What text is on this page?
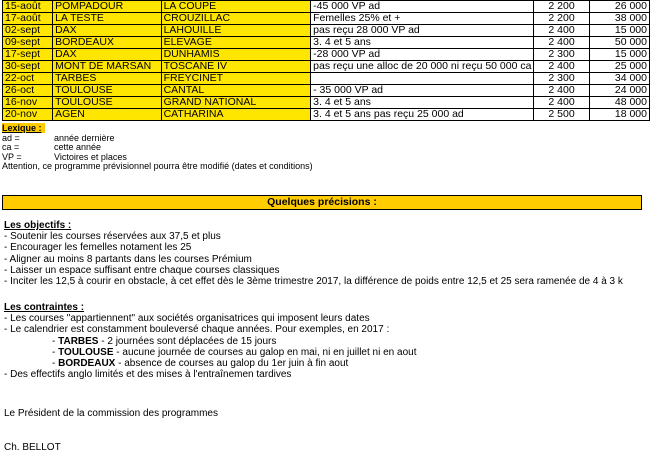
15-août	POMPADOUR	LA COUPE	-45 000 VP ad	2 200	26 000
17-août	LA TESTE	CROUZILLAC	Femelles 25% et +	2 200	38 000
02-sept	DAX	LAHOUILLE	pas reçu 28 000 VP ad	2 400	15 000
09-sept	BORDEAUX	ELEVAGE	3. 4 et 5 ans	2 400	50 000
17-sept	DAX	DUNHAMIS	-28 000 VP ad	2 300	15 000
30-sept	MONT DE MARSAN	TOSCANE IV	pas reçu une alloc de 20 000 ni reçu 50 000 ca	2 400	25 000
22-oct	TARBES	FREYCINET		2 300	34 000
26-oct	TOULOUSE	CANTAL	- 35 000 VP ad	2 400	24 000
16-nov	TOULOUSE	GRAND NATIONAL	3. 4 et 5 ans	2 400	48 000
20-nov	AGEN	CATHARINA	3. 4 et 5 ans pas reçu 25 000 ad	2 500	18 000
Lexique :
ad =	année dernière
ca =	cette année
VP =	Victoires et places
Attention, ce programme prévisionnel pourra être modifié (dates et conditions)
Quelques précisions :
Les objectifs :
- Soutenir les courses réservées aux 37,5 et plus
- Encourager les femelles notament les 25
- Aligner au moins 8 partants dans les courses Prémium
- Laisser un espace suffisant entre chaque courses classiques
- Inciter les 12,5 à courir en obstacle, à cet effet dès le 3ème trimestre 2017, la différence de poids entre 12,5 et 25 sera ramenée de 4 à 3 k
Les contraintes :
- Les courses "appartiennent" aux sociétés organisatrices qui imposent leurs dates
- Le calendrier est constamment bouleversé chaque années. Pour exemples, en 2017 :
- TARBES - 2 journées sont déplacées de 15 jours
- TOULOUSE - aucune journée de courses au galop en mai, ni en juillet ni en aout
- BORDEAUX - absence de courses au galop du 1er juin à fin aout
- Des effectifs anglo limités et des mises à l'entraînemen tardives
Le Président de la commission des programmes
Ch. BELLOT
